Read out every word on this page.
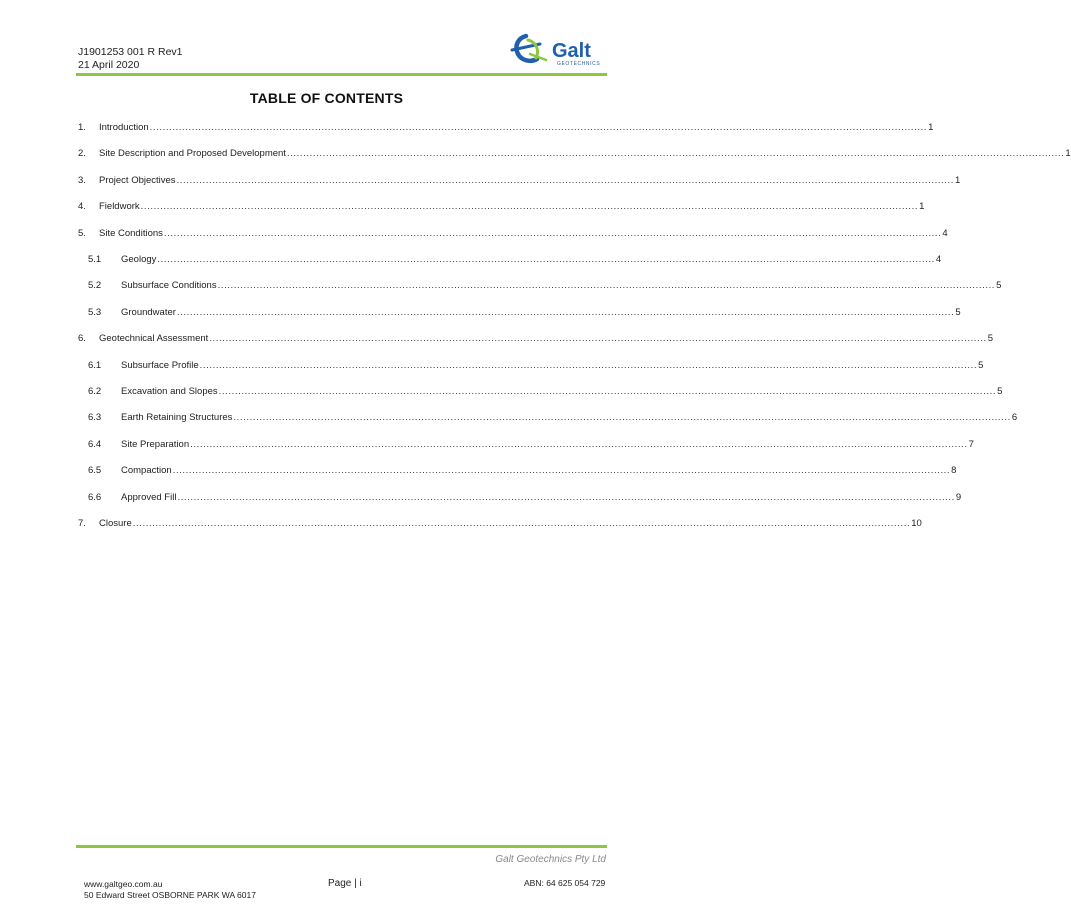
J1901253 001 R Rev1
21 April 2020
Galt
GEOTECHNICS
TABLE OF CONTENTS
1.	Introduction ................................................................................................................................................................................................................................................ 1
2.	Site Description and Proposed Development ................................................................................................................................................................................................................................................ 1
3.	Project Objectives ................................................................................................................................................................................................................................................ 1
4.	Fieldwork ................................................................................................................................................................................................................................................ 1
5.	Site Conditions ................................................................................................................................................................................................................................................ 4
5.1	Geology ................................................................................................................................................................................................................................................ 4
5.2	Subsurface Conditions ................................................................................................................................................................................................................................................ 5
5.3	Groundwater ................................................................................................................................................................................................................................................ 5
6.	Geotechnical Assessment ................................................................................................................................................................................................................................................ 5
6.1	Subsurface Profile ................................................................................................................................................................................................................................................ 5
6.2	Excavation and Slopes ................................................................................................................................................................................................................................................ 5
6.3	Earth Retaining Structures ................................................................................................................................................................................................................................................ 6
6.4	Site Preparation ................................................................................................................................................................................................................................................ 7
6.5	Compaction ................................................................................................................................................................................................................................................ 8
6.6	Approved Fill ................................................................................................................................................................................................................................................ 9
7.	Closure ................................................................................................................................................................................................................................................ 10
Galt Geotechnics Pty Ltd
www.galtgeo.com.au
50 Edward Street OSBORNE PARK WA 6017
Page | i	ABN: 64 625 054 729
